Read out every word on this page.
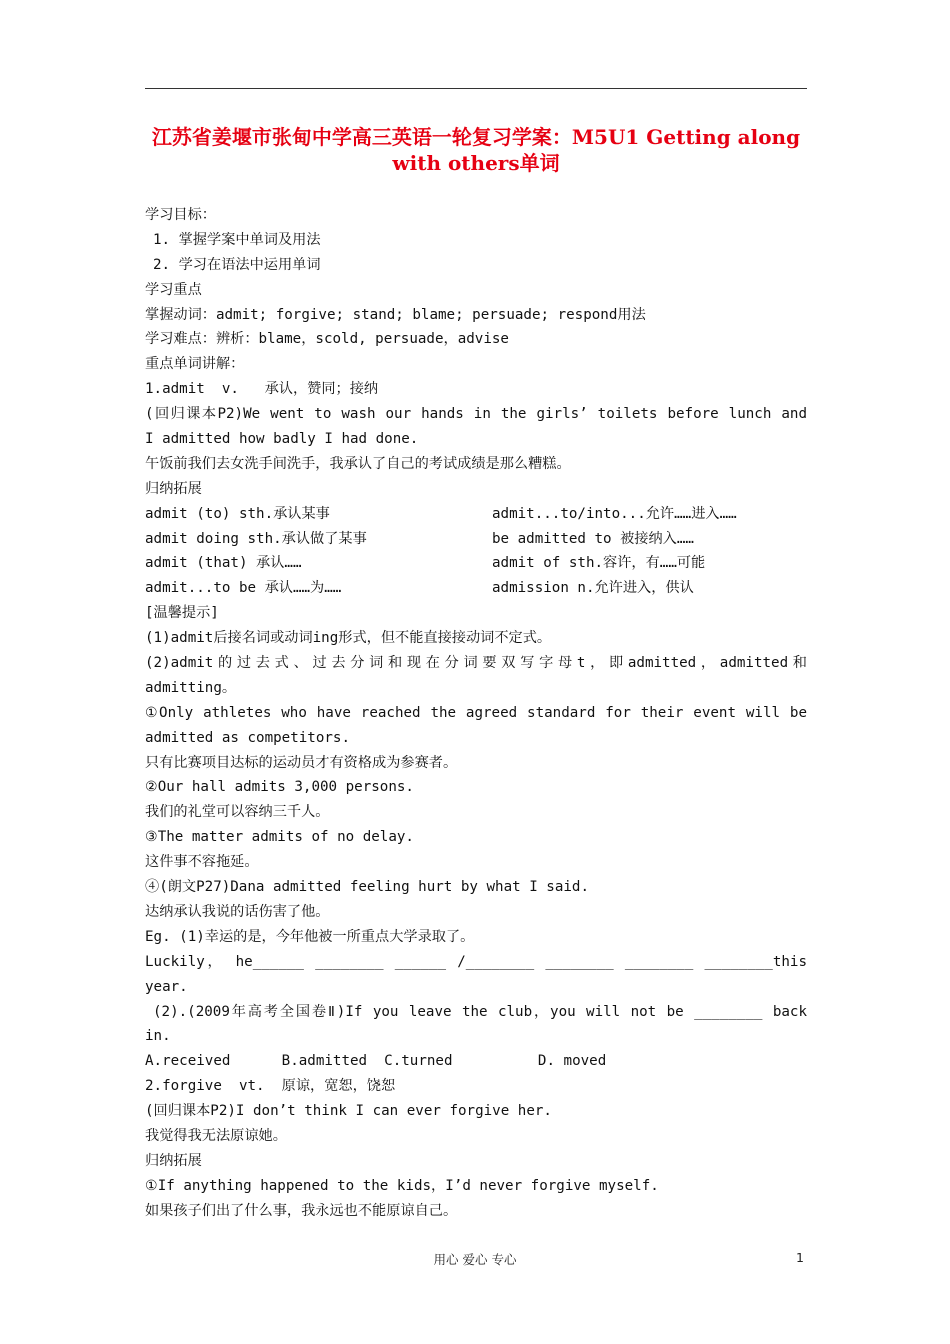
江苏省姜堰市张甸中学高三英语一轮复习学案：M5U1 Getting along
with others单词
学习目标：
1. 掌握学案中单词及用法
2. 学习在语法中运用单词
学习重点
掌握动词：admit; forgive; stand; blame; persuade; respond用法
学习难点：辨析：blame，scold, persuade，advise
重点单词讲解：
1.admit  v.   承认，赞同；接纳
(回归课本P2)We went to wash our hands in the girls’ toilets before lunch and
I admitted how badly I had done.
午饭前我们去女洗手间洗手，我承认了自己的考试成绩是那么糟糕。
归纳拓展
admit (to) sth.承认某事	admit...to/into...允许……进入……
admit doing sth.承认做了某事	be admitted to 被接纳入……
admit (that) 承认……	admit of sth.容许，有……可能
admit...to be 承认……为……	admission n.允许进入，供认
[温馨提示]
(1)admit后接名词或动词ing形式，但不能直接接动词不定式。
(2)admit的过去式、过去分词和现在分词要双写字母t，即admitted，admitted和
admitting。
①Only athletes who have reached the agreed standard for their event will be
admitted as competitors.
只有比赛项目达标的运动员才有资格成为参赛者。
②Our hall admits 3,000 persons.
我们的礼堂可以容纳三千人。
③The matter admits of no delay.
这件事不容拖延。
④(朗文P27)Dana admitted feeling hurt by what I said.
达纳承认我说的话伤害了他。
Eg. (1)幸运的是，今年他被一所重点大学录取了。
Luckily， he______ ________ ______ /________ ________ ________ ________this
year.
(2).(2009年高考全国卷Ⅱ)If you leave the club，you will not be ________ back
in.
A.received      B.admitted  C.turned          D. moved
2.forgive  vt.  原谅，宽恕，饶恕
(回归课本P2)I don’t think I can ever forgive her.
我觉得我无法原谅她。
归纳拓展
①If anything happened to the kids，I’d never forgive myself.
如果孩子们出了什么事，我永远也不能原谅自己。
用心 爱心 专心	1
